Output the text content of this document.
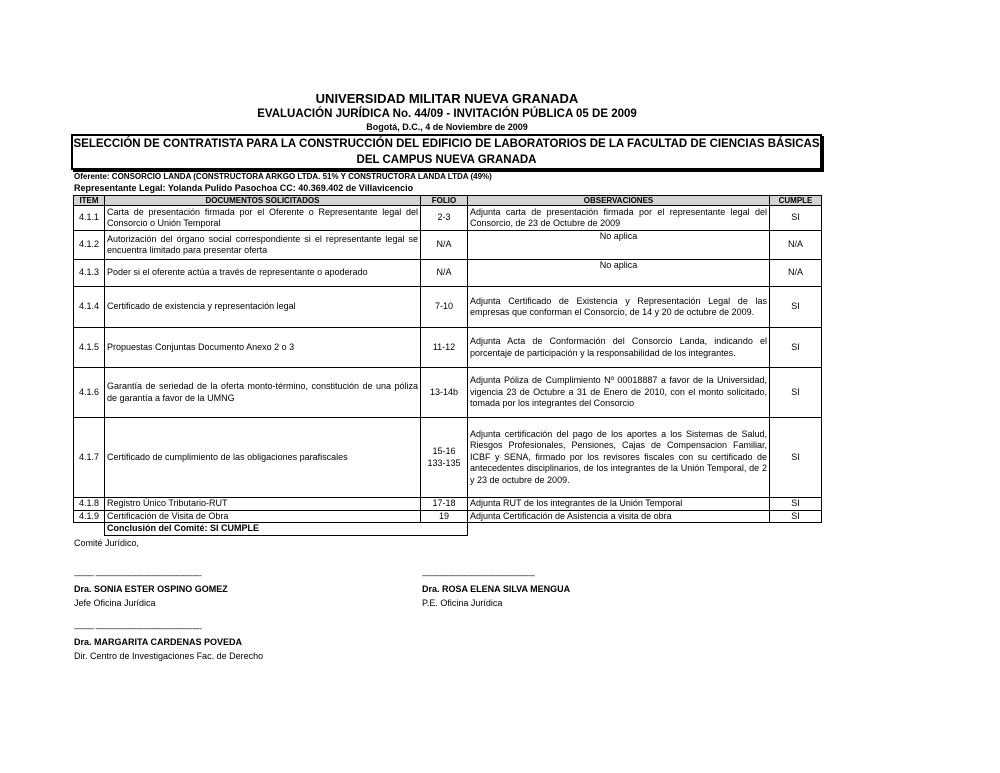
UNIVERSIDAD MILITAR NUEVA GRANADA
EVALUACIÓN JURÍDICA No. 44/09 - INVITACIÓN PÚBLICA 05 DE 2009
Bogotá, D.C., 4 de Noviembre de 2009
SELECCIÓN DE CONTRATISTA PARA LA CONSTRUCCIÓN DEL EDIFICIO DE LABORATORIOS DE LA FACULTAD DE CIENCIAS BÁSICAS DEL CAMPUS NUEVA GRANADA
Oferente: CONSORCIO LANDA (CONSTRUCTORA ARKGO LTDA. 51% Y CONSTRUCTORA LANDA LTDA (49%)
Representante Legal: Yolanda Pulido Pasochoa CC: 40.369.402 de Villavicencio
ITEM	DOCUMENTOS SOLICITADOS	FOLIO	OBSERVACIONES	CUMPLE
4.1.1	Carta de presentación firmada por el Oferente o Representante legal del Consorcio o Unión Temporal	2-3	Adjunta carta de presentación firmada por el representante legal del Consorcio, de 23 de Octubre de 2009	SI
4.1.2	Autorización del órgano social correspondiente si el representante legal se encuentra limitado para presentar oferta	N/A	No aplica	N/A
4.1.3	Poder si el oferente actúa a través de representante o apoderado	N/A	No aplica	N/A
4.1.4	Certificado de existencia y representación legal	7-10	Adjunta Certificado de Existencia y Representación Legal de las empresas que conforman el Consorcio, de 14 y 20 de octubre de 2009.	SI
4.1.5	Propuestas Conjuntas Documento Anexo 2 o 3	11-12	Adjunta Acta de Conformación del Consorcio Landa, indicando el porcentaje de participación y la responsabilidad de los integrantes.	SI
4.1.6	Garantía de seriedad de la oferta monto-término, constitución de una póliza de garantía a favor de la UMNG	13-14b	Adjunta Póliza de Cumplimiento Nº 00018887 a favor de la Universidad, vigencia 23 de Octubre a 31 de Enero de 2010, con el monto solicitado, tomada por los integrantes del Consorcio	SI
4.1.7	Certificado de cumplimiento de las obligaciones parafiscales	15-16
133-135	Adjunta certificación del pago de los aportes a los Sistemas de Salud, Riesgos Profesionales, Pensiones, Cajas de Compensacion Familiar, ICBF y SENA, firmado por los revisores fiscales con su certificado de antecedentes disciplinarios, de los integrantes de la Unión Temporal, de 2 y 23 de octubre de 2009.	SI
4.1.8	Registro Único Tributario-RUT	17-18	Adjunta RUT de los integrantes de la Unión Temporal	SI
4.1.9	Certificación de Visita de Obra	19	Adjunta Certificación de Asistencia a visita de obra	SI
	Conclusión del Comité: SI CUMPLE			
Comité Jurídico,
--------- -------------------------------------------------
Dra. SONIA ESTER OSPINO GOMEZ
Jefe Oficina Jurídica
----------------------------------------------------
Dra. ROSA ELENA SILVA MENGUA
P.E. Oficina Jurídica
--------- -------------------------------------------------
Dra. MARGARITA CARDENAS POVEDA
Dir. Centro de Investigaciones Fac. de Derecho
